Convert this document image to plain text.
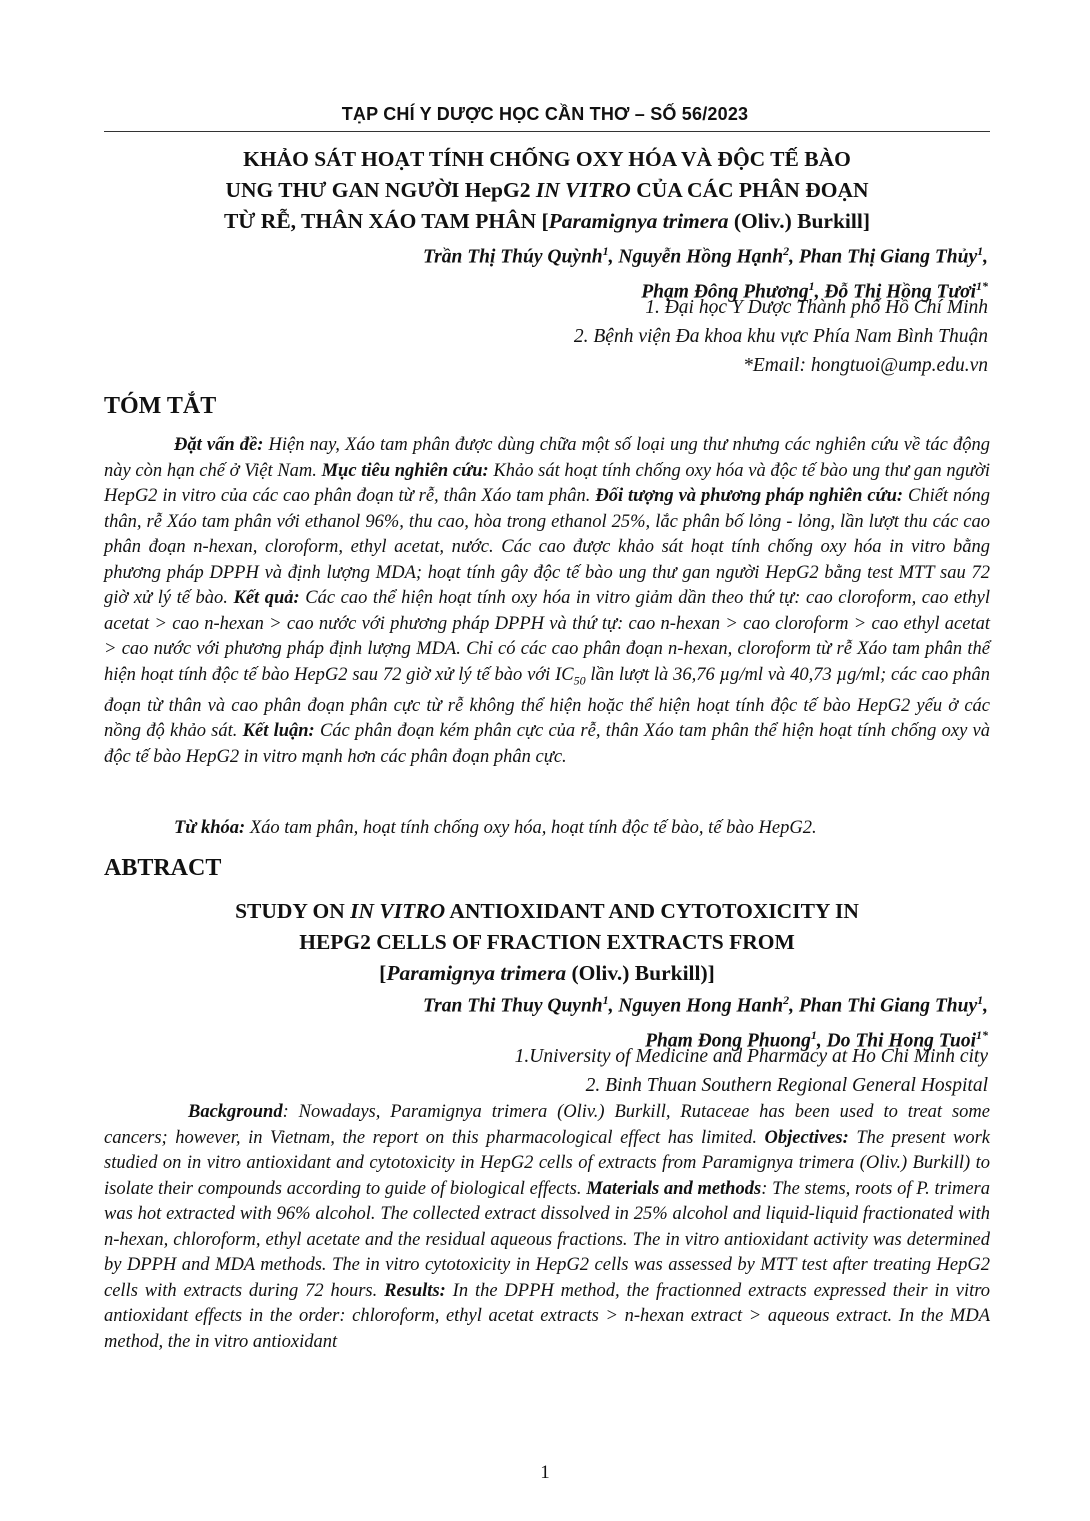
TẠP CHÍ Y DƯỢC HỌC CẦN THƠ – SỐ 56/2023
KHẢO SÁT HOẠT TÍNH CHỐNG OXY HÓA VÀ ĐỘC TẾ BÀO
UNG THƯ GAN NGƯỜI HepG2 IN VITRO CỦA CÁC PHÂN ĐOẠN
TỪ RỄ, THÂN XÁO TAM PHÂN [Paramignya trimera (Oliv.) Burkill]

Trần Thị Thúy Quỳnh$^1$, Nguyễn Hồng Hạnh$^2$, Phan Thị Giang Thủy$^1$,
Phạm Đông Phương$^1$, Đỗ Thị Hồng Tươi$^{1*}$

1. Đại học Y Dược Thành phố Hồ Chí Minh
2. Bệnh viện Đa khoa khu vực Phía Nam Bình Thuận
*Email: hongtuoi@ump.edu.vn

TÓM TẮT

Đặt vấn đề: Hiện nay, Xáo tam phân được dùng chữa một số loại ung thư nhưng các nghiên cứu về tác động này còn hạn chế ở Việt Nam. Mục tiêu nghiên cứu: Khảo sát hoạt tính chống oxy hóa và độc tế bào ung thư gan người HepG2 in vitro của các cao phân đoạn từ rễ, thân Xáo tam phân. Đối tượng và phương pháp nghiên cứu: Chiết nóng thân, rễ Xáo tam phân với ethanol 96%, thu cao, hòa trong ethanol 25%, lắc phân bố lỏng - lỏng, lần lượt thu các cao phân đoạn n-hexan, cloroform, ethyl acetat, nước. Các cao được khảo sát hoạt tính chống oxy hóa in vitro bằng phương pháp DPPH và định lượng MDA; hoạt tính gây độc tế bào ung thư gan người HepG2 bằng test MTT sau 72 giờ xử lý tế bào. Kết quả: Các cao thể hiện hoạt tính oxy hóa in vitro giảm dần theo thứ tự: cao cloroform, cao ethyl acetat > cao n-hexan > cao nước với phương pháp DPPH và thứ tự: cao n-hexan > cao cloroform > cao ethyl acetat > cao nước với phương pháp định lượng MDA. Chỉ có các cao phân đoạn n-hexan, cloroform từ rễ Xáo tam phân thể hiện hoạt tính độc tế bào HepG2 sau 72 giờ xử lý tế bào với $IC_{50}$ lần lượt là 36,76 µg/ml và 40,73 µg/ml; các cao phân đoạn từ thân và cao phân đoạn phân cực từ rễ không thể hiện hoặc thể hiện hoạt tính độc tế bào HepG2 yếu ở các nồng độ khảo sát. Kết luận: Các phân đoạn kém phân cực của rễ, thân Xáo tam phân thể hiện hoạt tính chống oxy và độc tế bào HepG2 in vitro mạnh hơn các phân đoạn phân cực.

Từ khóa: Xáo tam phân, hoạt tính chống oxy hóa, hoạt tính độc tế bào, tế bào HepG2.

ABTRACT
STUDY ON IN VITRO ANTIOXIDANT AND CYTOTOXICITY IN
HEPG2 CELLS OF FRACTION EXTRACTS FROM
[Paramignya trimera (Oliv.) Burkill)]

Tran Thi Thuy Quynh$^1$, Nguyen Hong Hanh$^2$, Phan Thi Giang Thuy$^1$,
Pham Đong Phuong$^1$, Do Thi Hong Tuoi$^{1*}$

1.University of Medicine and Pharmacy at Ho Chi Minh city
2. Binh Thuan Southern Regional General Hospital

Background: Nowadays, Paramignya trimera (Oliv.) Burkill, Rutaceae has been used to treat some cancers; however, in Vietnam, the report on this pharmacological effect has limited. Objectives: The present work studied on in vitro antioxidant and cytotoxicity in HepG2 cells of extracts from Paramignya trimera (Oliv.) Burkill) to isolate their compounds according to guide of biological effects. Materials and methods: The stems, roots of P. trimera was hot extracted with 96% alcohol. The collected extract dissolved in 25% alcohol and liquid-liquid fractionated with n-hexan, chloroform, ethyl acetate and the residual aqueous fractions. The in vitro antioxidant activity was determined by DPPH and MDA methods. The in vitro cytotoxicity in HepG2 cells was assessed by MTT test after treating HepG2 cells with extracts during 72 hours. Results: In the DPPH method, the fractionned extracts expressed their in vitro antioxidant effects in the order: chloroform, ethyl acetat extracts > n-hexan extract > aqueous extract. In the MDA method, the in vitro antioxidant

1
